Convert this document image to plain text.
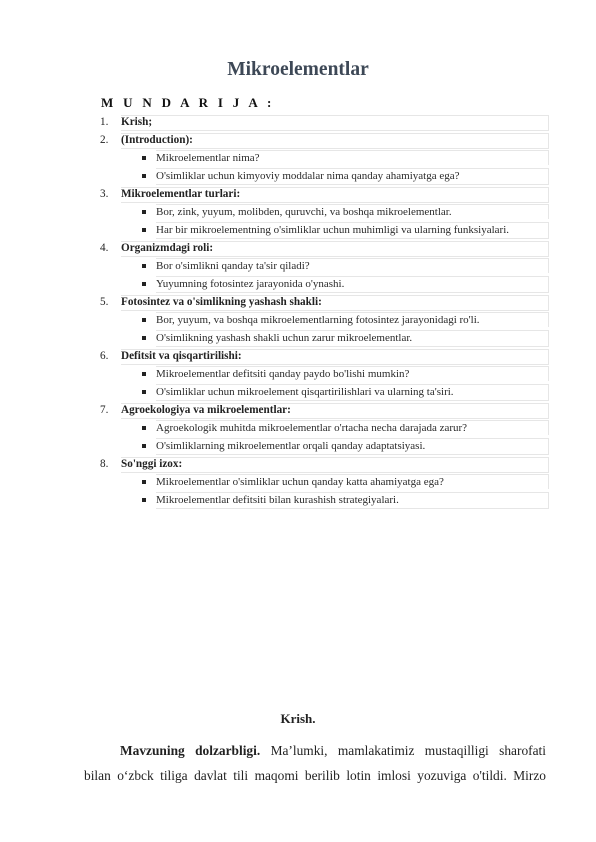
Mikroelementlar
M U N D A R I J A :
1. Krish;
2. (Introduction):
Mikroelementlar nima?
O'simliklar uchun kimyoviy moddalar nima qanday ahamiyatga ega?
3. Mikroelementlar turlari:
Bor, zink, yuyum, molibden, quruvchi, va boshqa mikroelementlar.
Har bir mikroelementning o'simliklar uchun muhimligi va ularning funksiyalari.
4. Organizmdagi roli:
Bor o'simlikni qanday ta'sir qiladi?
Yuyumning fotosintez jarayonida o'ynashi.
5. Fotosintez va o'simlikning yashash shakli:
Bor, yuyum, va boshqa mikroelementlarning fotosintez jarayonidagi ro'li.
O'simlikning yashash shakli uchun zarur mikroelementlar.
6. Defitsit va qisqartirilishi:
Mikroelementlar defitsiti qanday paydo bo'lishi mumkin?
O'simliklar uchun mikroelement qisqartirilishlari va ularning ta'siri.
7. Agroekologiya va mikroelementlar:
Agroekologik muhitda mikroelementlar o'rtacha necha darajada zarur?
O'simliklarning mikroelementlar orqali qanday adaptatsiyasi.
8. So'nggi izox:
Mikroelementlar o'simliklar uchun qanday katta ahamiyatga ega?
Mikroelementlar defitsiti bilan kurashish strategiyalari.
Krish.
Mavzuning dolzarbligi. Ma’lumki, mamlakatimiz mustaqilligi sharofati
bilan o‘zbck tiliga davlat tili maqomi berilib lotin imlosi yozuviga o'tildi. Mirzo
